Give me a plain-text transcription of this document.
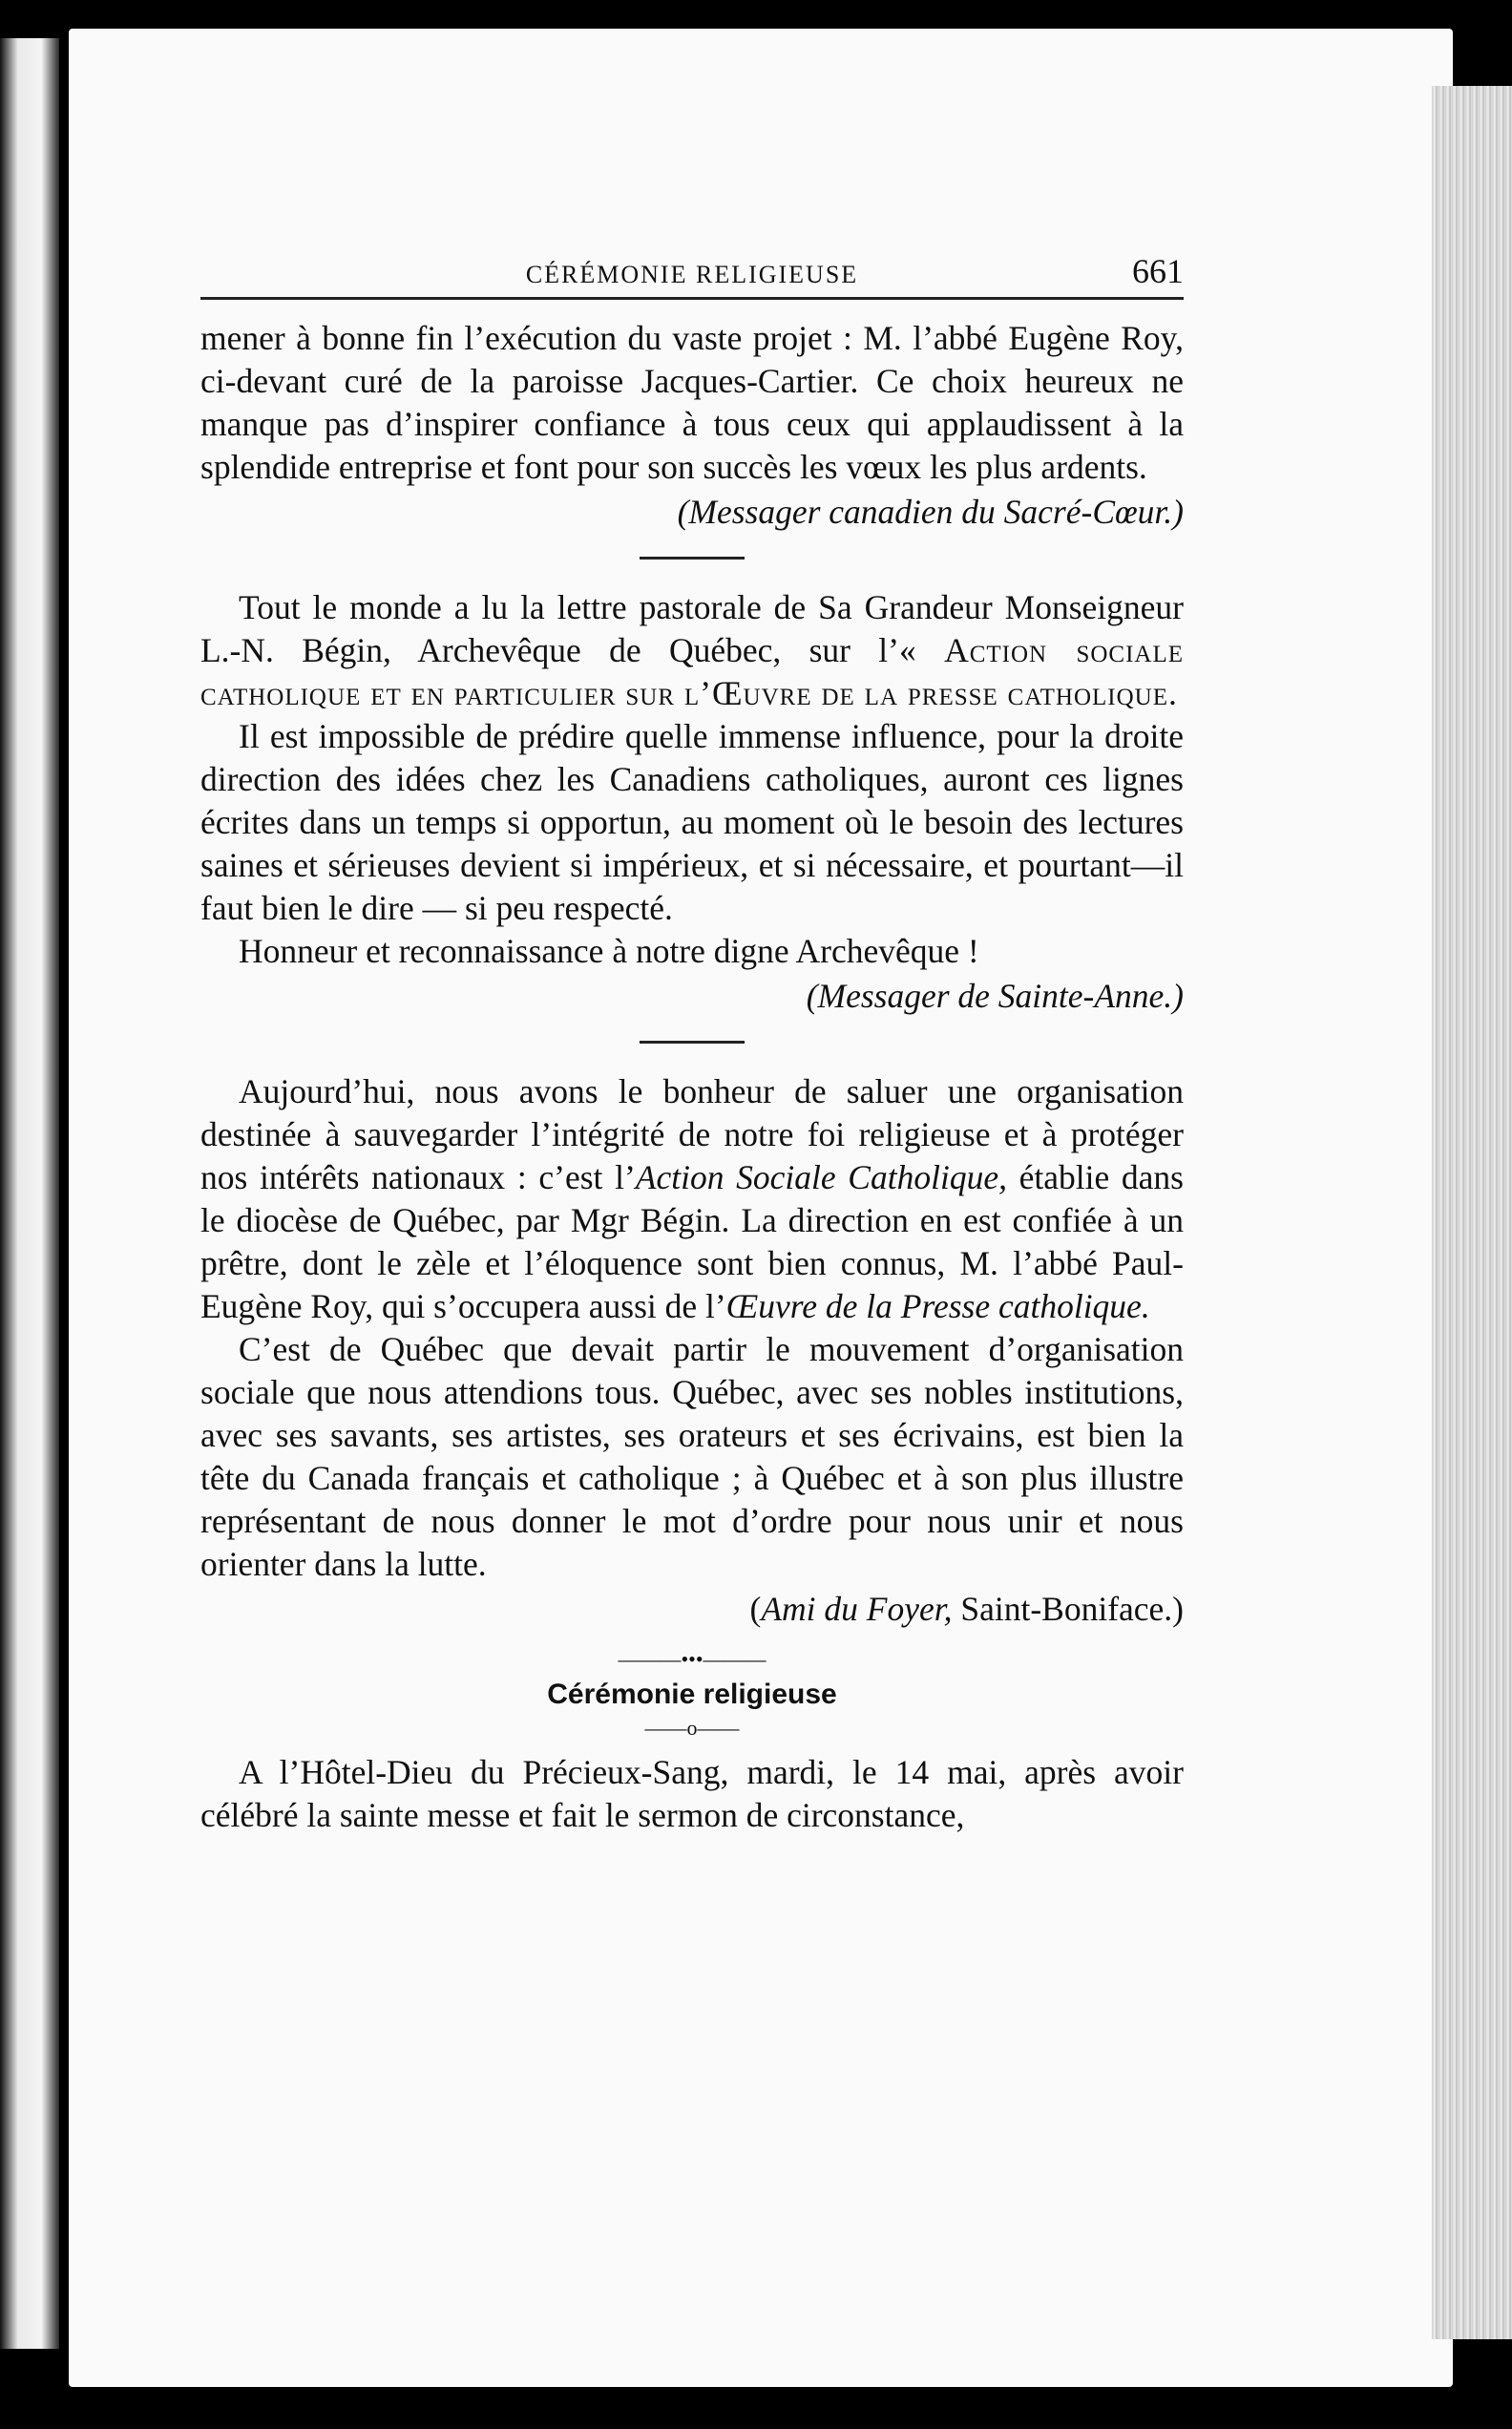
CÉRÉMONIE RELIGIEUSE	661

mener à bonne fin l’exécution du vaste projet : M. l’abbé Eugène Roy, ci-devant curé de la paroisse Jacques-Cartier. Ce choix heureux ne manque pas d’inspirer confiance à tous ceux qui applaudissent à la splendide entreprise et font pour son succès les vœux les plus ardents.

(Messager canadien du Sacré-Cœur.)

Tout le monde a lu la lettre pastorale de Sa Grandeur Monseigneur L.-N. Bégin, Archevêque de Québec, sur l’« Action sociale catholique et en particulier sur l’Œuvre de la presse catholique.

Il est impossible de prédire quelle immense influence, pour la droite direction des idées chez les Canadiens catholiques, auront ces lignes écrites dans un temps si opportun, au moment où le besoin des lectures saines et sérieuses devient si impérieux, et si nécessaire, et pourtant—il faut bien le dire — si peu respecté.

Honneur et reconnaissance à notre digne Archevêque !

(Messager de Sainte-Anne.)

Aujourd’hui, nous avons le bonheur de saluer une organisation destinée à sauvegarder l’intégrité de notre foi religieuse et à protéger nos intérêts nationaux : c’est l’Action Sociale Catholique, établie dans le diocèse de Québec, par Mgr Bégin. La direction en est confiée à un prêtre, dont le zèle et l’éloquence sont bien connus, M. l’abbé Paul-Eugène Roy, qui s’occupera aussi de l’Œuvre de la Presse catholique.

C’est de Québec que devait partir le mouvement d’organisation sociale que nous attendions tous. Québec, avec ses nobles institutions, avec ses savants, ses artistes, ses orateurs et ses écrivains, est bien la tête du Canada français et catholique ; à Québec et à son plus illustre représentant de nous donner le mot d’ordre pour nous unir et nous orienter dans la lutte.

(Ami du Foyer, Saint-Boniface.)

———•••———
Cérémonie religieuse
——o——

A l’Hôtel-Dieu du Précieux-Sang, mardi, le 14 mai, après avoir célébré la sainte messe et fait le sermon de circonstance,
